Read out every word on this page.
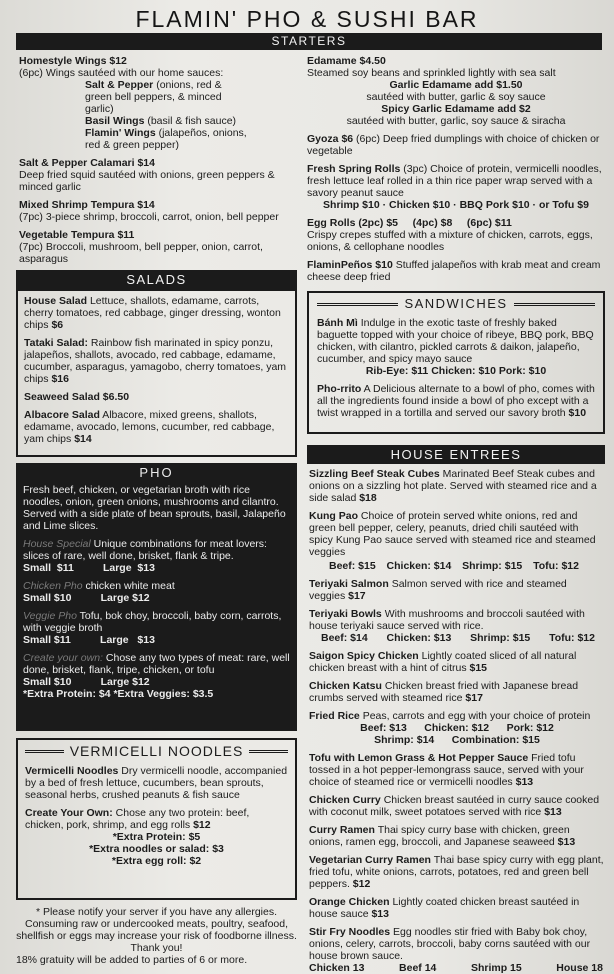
FLAMIN' PHO & SUSHI BAR
STARTERS

Homestyle Wings $12
(6pc) Wings sautéed with our home sauces:

Salt & Pepper (onions, red & green bell peppers, & minced garlic)
Basil Wings (basil & fish sauce)
Flamin' Wings (jalapeños, onions, red & green pepper)

Salt & Pepper Calamari $14
Deep fried squid sautéed with onions, green peppers & minced garlic

Mixed Shrimp Tempura $14
(7pc) 3-piece shrimp, broccoli, carrot, onion, bell pepper

Vegetable Tempura $11
(7pc) Broccoli, mushroom, bell pepper, onion, carrot, asparagus

Edamame $4.50
Steamed soy beans and sprinkled lightly with sea salt

Garlic Edamame add $1.50
sautéed with butter, garlic & soy sauce
Spicy Garlic Edamame add $2
sautéed with butter, garlic, soy sauce & siracha

Gyoza $6 (6pc) Deep fried dumplings with choice of chicken or vegetable

Fresh Spring Rolls (3pc) Choice of protein, vermicelli noodles, fresh lettuce leaf rolled in a thin rice paper wrap served with a savory peanut sauce

Shrimp $10 · Chicken $10 · BBQ Pork $10 · or Tofu $9

Egg Rolls (2pc) $5     (4pc) $8     (6pc) $11
Crispy crepes stuffed with a mixture of chicken, carrots, eggs, onions, & cellophane noodles

FlaminPeños $10 Stuffed jalapeños with krab meat and cream cheese deep fried

SALADS

House Salad Lettuce, shallots, edamame, carrots, cherry tomatoes, red cabbage, ginger dressing, wonton chips $6

Tataki Salad: Rainbow fish marinated in spicy ponzu, jalapeños, shallots, avocado, red cabbage, edamame, cucumber, asparagus, yamagobo, cherry tomatoes, yam chips $16

Seaweed Salad $6.50

Albacore Salad Albacore, mixed greens, shallots, edamame, avocado, lemons, cucumber, red cabbage, yam chips $14

PHO

Fresh beef, chicken, or vegetarian broth with rice noodles, onion, green onions, mushrooms and cilantro. Served with a side plate of bean sprouts, basil, Jalapeño and Lime slices.

House Special Unique combinations for meat lovers: slices of rare, well done, brisket, flank & tripe. Small  $11          Large  $13

Chicken Pho chicken white meat
Small $10          Large $12

Veggie Pho Tofu, bok choy, broccoli, baby corn, carrots, with veggie broth
Small $11          Large   $13

Create your own: Chose any two types of meat: rare, well done, brisket, flank, tripe, chicken, or tofu
Small $10          Large $12
*Extra Protein: $4 *Extra Veggies: $3.5

VERMICELLI NOODLES

Vermicelli Noodles Dry vermicelli noodle, accompanied by a bed of fresh lettuce, cucumbers, bean sprouts, seasonal herbs, crushed peanuts & fish sauce

Create Your Own: Chose any two protein: beef, chicken, pork, shrimp, and egg rolls $12

*Extra Protein: $5
*Extra noodles or salad: $3
*Extra egg roll: $2

* Please notify your server if you have any allergies.
Consuming raw or undercooked meats, poultry, seafood, shellfish or eggs may increase your risk of foodborne illness. Thank you!
18% gratuity will be added to parties of 6 or more.
SANDWICHES

Bánh Mì Indulge in the exotic taste of freshly baked baguette topped with your choice of ribeye, BBQ pork, BBQ chicken, with cilantro, pickled carrots & daikon, jalapeño, cucumber, and spicy mayo sauce

Rib-Eye: $11 Chicken: $10 Pork: $10

Pho-rrito A Delicious alternate to a bowl of pho, comes with all the ingredients found inside a bowl of pho except with a twist wrapped in a tortilla and served our savory broth $10

HOUSE ENTREES

Sizzling Beef Steak Cubes Marinated Beef Steak cubes and onions on a sizzling hot plate. Served with steamed rice and a side salad $18

Kung Pao Choice of protein served white onions, red and green bell pepper, celery, peanuts, dried chili sautéed with spicy Kung Pao sauce served with steamed rice and steamed veggies
Beef: $15 Chicken: $14 Shrimp: $15 Tofu: $12

Teriyaki Salmon Salmon served with rice and steamed veggies $17

Teriyaki Bowls With mushrooms and broccoli sautéed with house teriyaki sauce served with rice.
Beef: $14 Chicken: $13 Shrimp: $15 Tofu: $12

Saigon Spicy Chicken Lightly coated sliced of all natural chicken breast with a hint of citrus $15

Chicken Katsu Chicken breast fried with Japanese bread crumbs served with steamed rice $17

Fried Rice Peas, carrots and egg with your choice of protein

Beef: $13      Chicken: $12      Pork: $12
Shrimp: $14      Combination: $15

Tofu with Lemon Grass & Hot Pepper Sauce Fried tofu tossed in a hot pepper-lemongrass sauce, served with your choice of steamed rice or vermicelli noodles $13

Chicken Curry Chicken breast sautéed in curry sauce cooked with coconut milk, sweet potatoes served with rice $13

Curry Ramen Thai spicy curry base with chicken, green onions, ramen egg, broccoli, and Japanese seaweed $13

Vegetarian Curry Ramen Thai base spicy curry with egg plant, fried tofu, white onions, carrots, potatoes, red and green bell peppers. $12

Orange Chicken Lightly coated chicken breast sautéed in house sauce $13

Stir Fry Noodles Egg noodles stir fried with Baby bok choy, onions, celery, carrots, broccoli, baby corns sautéed with our house brown sauce.
Chicken 13	Beef 14	Shrimp 15	House 18
